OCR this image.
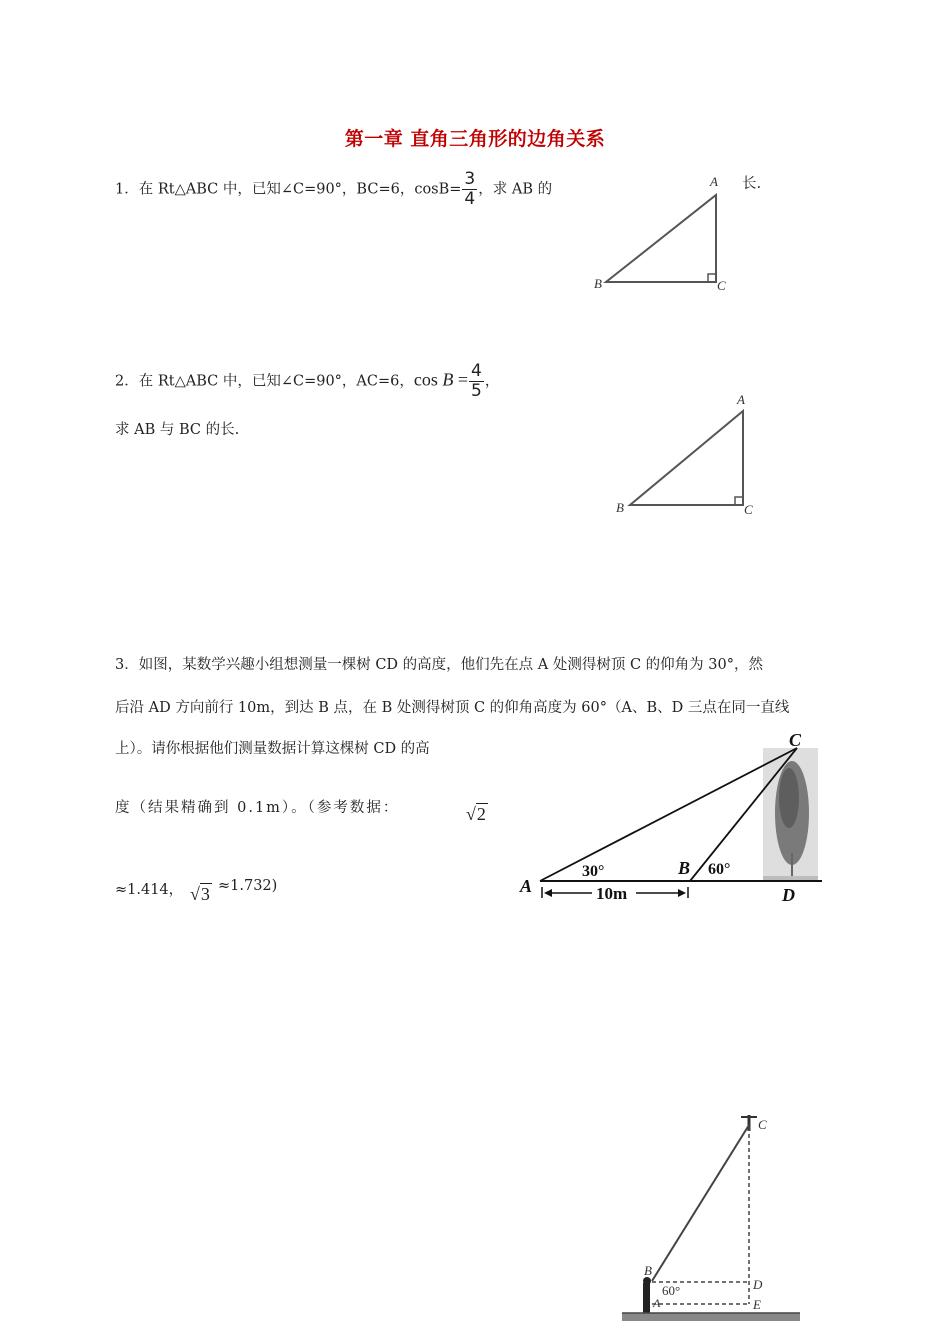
第一章 直角三角形的边角关系
1．在 Rt△ABC 中，已知∠C=90°，BC=6，$\cos B= \frac{3}{4}$ ，求 AB 的	长.
A
B	C
2．在 Rt△ABC 中，已知∠C=90°，AC=6，$\cos B = \frac{4}{5}$ ，
求 AB 与 BC 的长.
A
B	C
3．如图，某数学兴趣小组想测量一棵树 CD 的高度，他们先在点 A 处测得树顶 C 的仰角为 30°，然
后沿 AD 方向前行 10m，到达 B 点，在 B 处测得树顶 C 的仰角高度为 60°（A、B、D 三点在同一直线
上）。请你根据他们测量数据计算这棵树 CD 的高
度（结果精确到 0.1m）。（参考数据：	√2
≈1.414， √3 ≈1.732)	10m
A
30°	B 60°
C
D
C
B
60°
A
D
E
